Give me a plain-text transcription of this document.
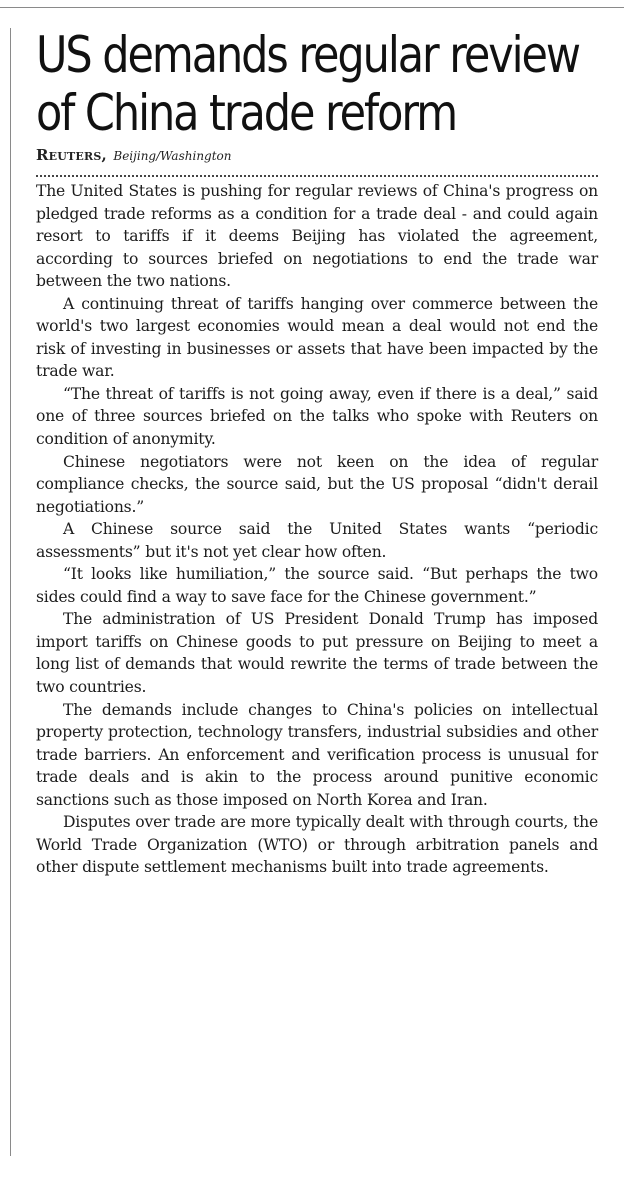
US demands regular review
of China trade reform
Reuters, Beijing/Washington

The United States is pushing for regular reviews of China's progress on pledged trade reforms as a condition for a trade deal - and could again resort to tariffs if it deems Beijing has violated the agreement, according to sources briefed on negotiations to end the trade war between the two nations.

A continuing threat of tariffs hanging over commerce between the world's two largest economies would mean a deal would not end the risk of investing in businesses or assets that have been impacted by the trade war.

“The threat of tariffs is not going away, even if there is a deal,” said one of three sources briefed on the talks who spoke with Reuters on condition of anonymity.

Chinese negotiators were not keen on the idea of regular compliance checks, the source said, but the US proposal “didn't derail negotiations.”

A Chinese source said the United States wants “periodic assessments” but it's not yet clear how often.

“It looks like humiliation,” the source said. “But perhaps the two sides could find a way to save face for the Chinese government.”

The administration of US President Donald Trump has imposed import tariffs on Chinese goods to put pressure on Beijing to meet a long list of demands that would rewrite the terms of trade between the two countries.

The demands include changes to China's policies on intellectual property protection, technology transfers, industrial subsidies and other trade barriers. An enforcement and verification process is unusual for trade deals and is akin to the process around punitive economic sanctions such as those imposed on North Korea and Iran.

Disputes over trade are more typically dealt with through courts, the World Trade Organization (WTO) or through arbitration panels and other dispute settlement mechanisms built into trade agreements.
